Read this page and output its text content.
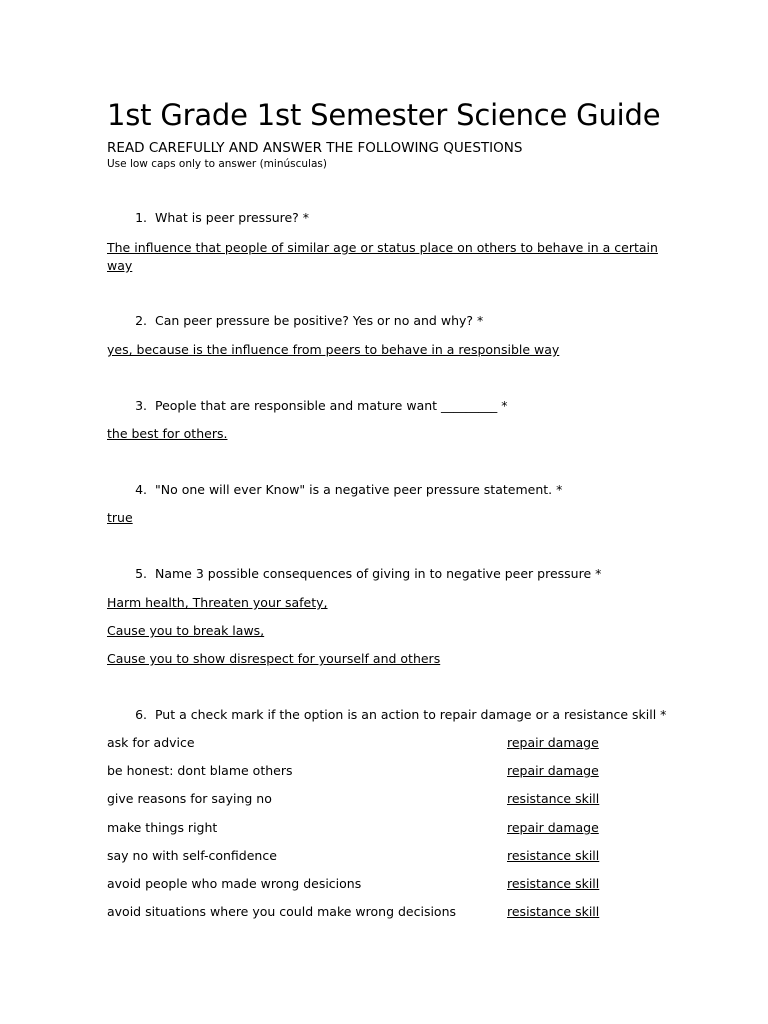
1st Grade 1st Semester Science Guide
READ CAREFULLY AND ANSWER THE FOLLOWING QUESTIONS
Use low caps only to answer (minúsculas)
1. What is peer pressure? *
The influence that people of similar age or status place on others to behave in a certain way
2. Can peer pressure be positive? Yes or no and why? *
yes, because is the influence from peers to behave in a responsible way
3. People that are responsible and mature want _________ *
the best for others.
4. "No one will ever Know" is a negative peer pressure statement. *
true
5. Name 3 possible consequences of giving in to negative peer pressure *
Harm health, Threaten your safety,
Cause you to break laws,
Cause you to show disrespect for yourself and others
6. Put a check mark if the option is an action to repair damage or a resistance skill *
ask for advice	repair damage
be honest: dont blame others	repair damage
give reasons for saying no	resistance skill
make things right	repair damage
say no with self-confidence	resistance skill
avoid people who made wrong desicions	resistance skill
avoid situations where you could make wrong decisions	resistance skill
